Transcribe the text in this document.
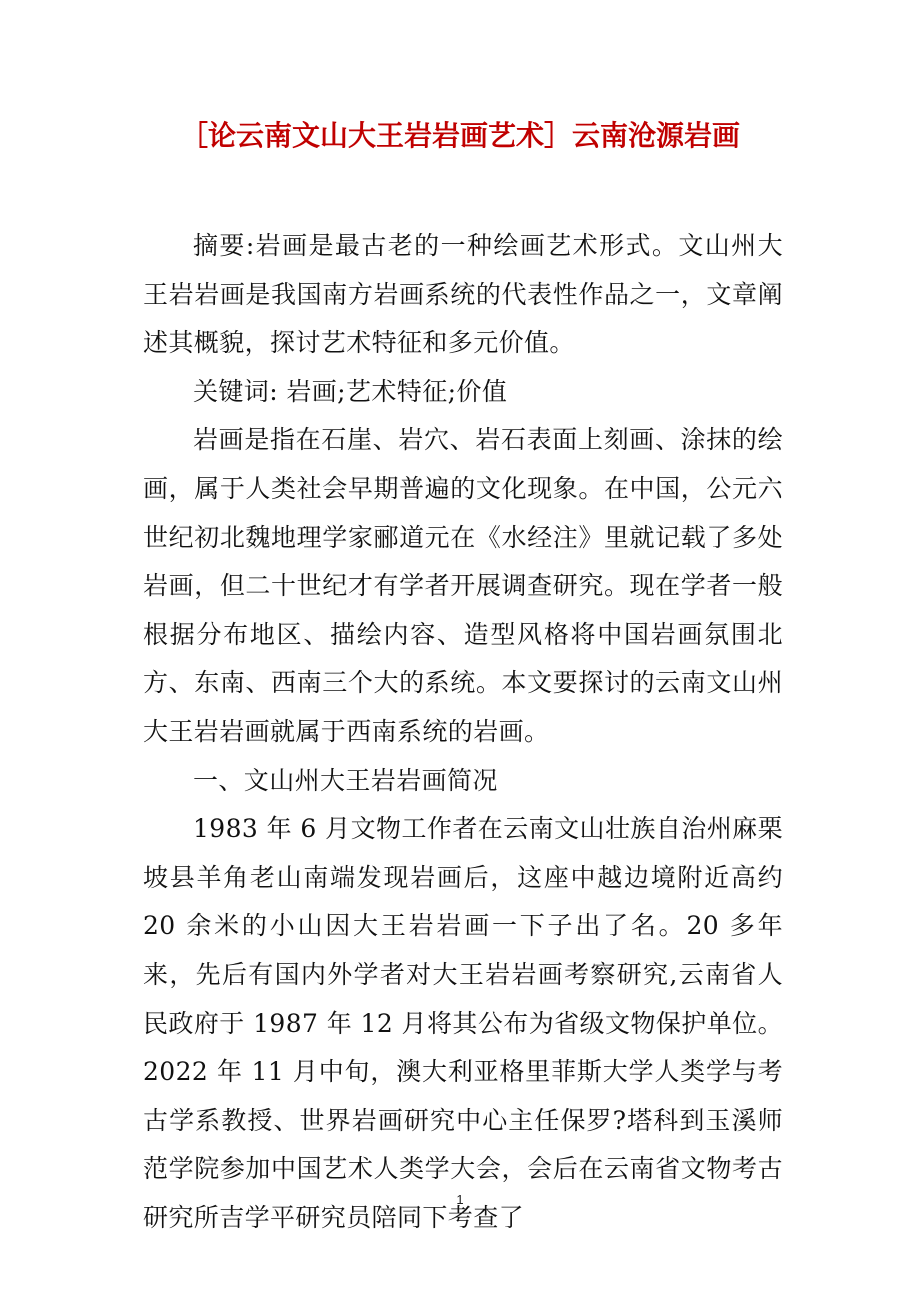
［论云南文山大王岩岩画艺术］云南沧源岩画

摘要:岩画是最古老的一种绘画艺术形式。文山州大王岩岩画是我国南方岩画系统的代表性作品之一，文章阐述其概貌，探讨艺术特征和多元价值。

关键词: 岩画;艺术特征;价值

岩画是指在石崖、岩穴、岩石表面上刻画、涂抹的绘画，属于人类社会早期普遍的文化现象。在中国，公元六世纪初北魏地理学家郦道元在《水经注》里就记载了多处岩画，但二十世纪才有学者开展调查研究。现在学者一般根据分布地区、描绘内容、造型风格将中国岩画氛围北方、东南、西南三个大的系统。本文要探讨的云南文山州大王岩岩画就属于西南系统的岩画。

一、文山州大王岩岩画简况

1983 年 6 月文物工作者在云南文山壮族自治州麻栗坡县羊角老山南端发现岩画后，这座中越边境附近高约 20 余米的小山因大王岩岩画一下子出了名。20 多年来，先后有国内外学者对大王岩岩画考察研究,云南省人民政府于 1987 年 12 月将其公布为省级文物保护单位。2022 年 11 月中旬，澳大利亚格里菲斯大学人类学与考古学系教授、世界岩画研究中心主任保罗?塔科到玉溪师范学院参加中国艺术人类学大会，会后在云南省文物考古研究所吉学平研究员陪同下考查了

1
